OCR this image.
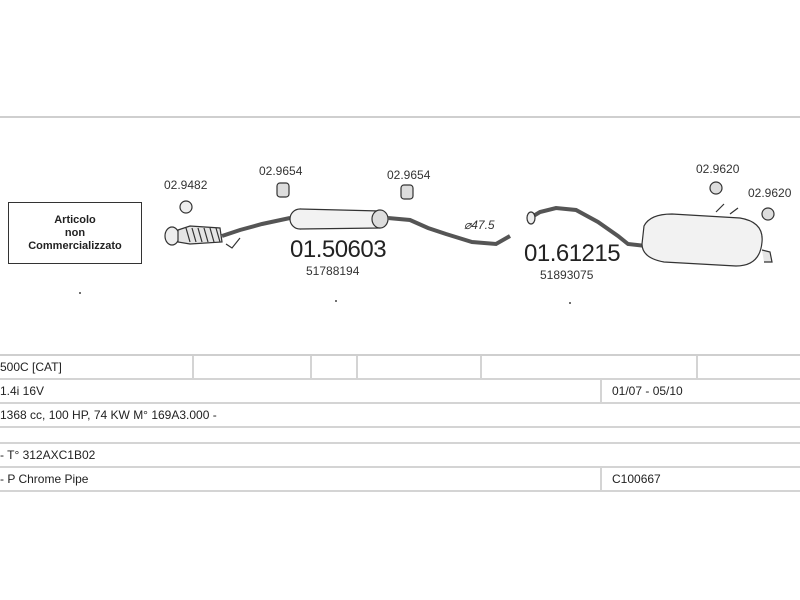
Articolo
non
Commercializzato
02.9482
02.9654	02.9654	02.9620
02.9620
⌀47.5
01.50603
51788194
01.61215
51893075
500C [CAT]
1.4i 16V	01/07 - 05/10
1368 cc, 100 HP, 74 KW M° 169A3.000 -
- T° 312AXC1B02
- P Chrome Pipe	C100667
